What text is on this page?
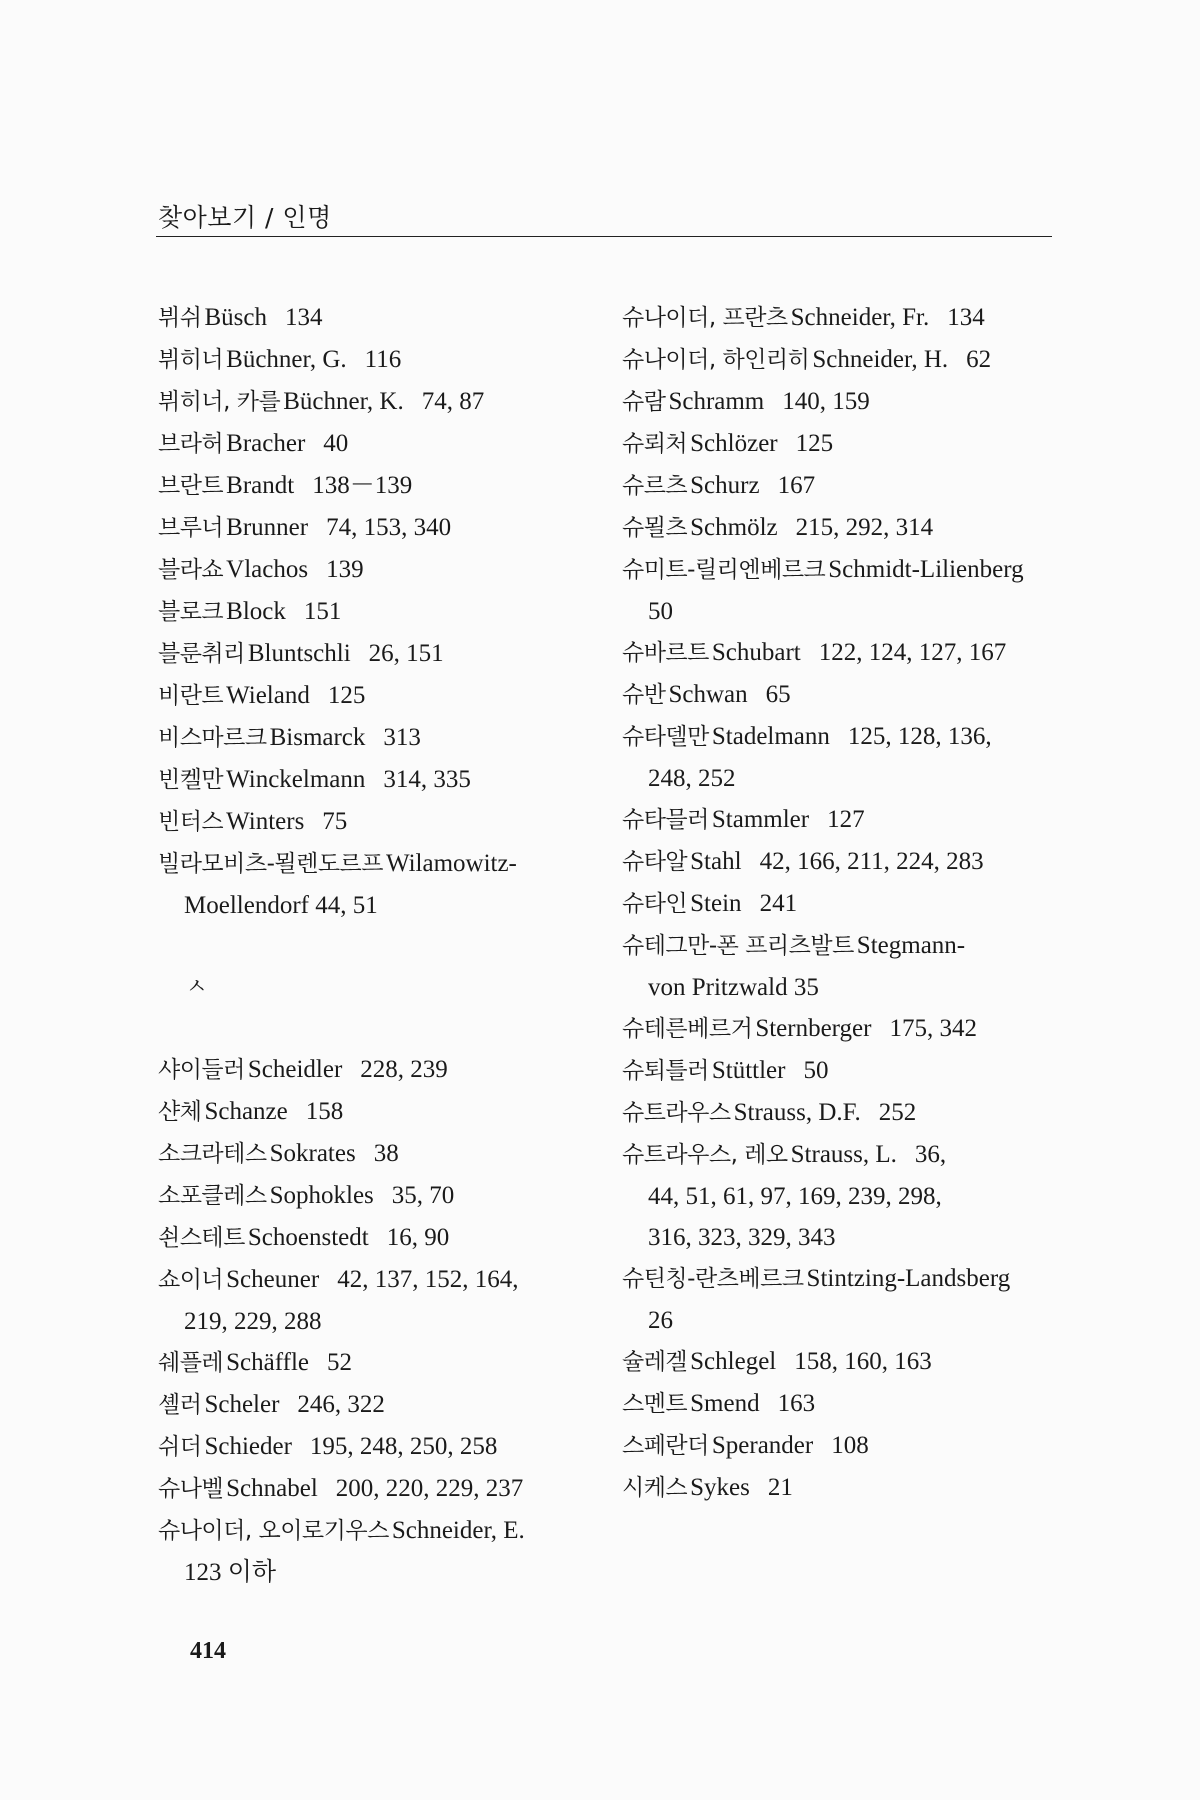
찾아보기 / 인명
뷔쉬 Büsch 134
뷔히너 Büchner, G. 116
뷔히너, 카를 Büchner, K. 74, 87
브라허 Bracher 40
브란트 Brandt 138－139
브루너 Brunner 74, 153, 340
블라쇼 Vlachos 139
블로크 Block 151
블룬취리 Bluntschli 26, 151
비란트 Wieland 125
비스마르크 Bismarck 313
빈켈만 Winckelmann 314, 335
빈터스 Winters 75
빌라모비츠-묄렌도르프 Wilamowitz-
Moellendorf 44, 51
ㅅ
샤이들러 Scheidler 228, 239
샨체 Schanze 158
소크라테스 Sokrates 38
소포클레스 Sophokles 35, 70
쇤스테트 Schoenstedt 16, 90
쇼이너 Scheuner 42, 137, 152, 164,
219, 229, 288
쉐플레 Schäffle 52
셸러 Scheler 246, 322
쉬더 Schieder 195, 248, 250, 258
슈나벨 Schnabel 200, 220, 229, 237
슈나이더, 오이로기우스 Schneider, E.
123 이하
슈나이더, 프란츠 Schneider, Fr. 134
슈나이더, 하인리히 Schneider, H. 62
슈람 Schramm 140, 159
슈뢰처 Schlözer 125
슈르츠 Schurz 167
슈묄츠 Schmölz 215, 292, 314
슈미트-릴리엔베르크 Schmidt-Lilienberg
50
슈바르트 Schubart 122, 124, 127, 167
슈반 Schwan 65
슈타델만 Stadelmann 125, 128, 136,
248, 252
슈타믈러 Stammler 127
슈타알 Stahl 42, 166, 211, 224, 283
슈타인 Stein 241
슈테그만-폰 프리츠발트 Stegmann-
von Pritzwald 35
슈테른베르거 Sternberger 175, 342
슈퇴틀러 Stüttler 50
슈트라우스 Strauss, D.F. 252
슈트라우스, 레오 Strauss, L. 36,
44, 51, 61, 97, 169, 239, 298,
316, 323, 329, 343
슈틴칭-란츠베르크 Stintzing-Landsberg
26
슐레겔 Schlegel 158, 160, 163
스멘트 Smend 163
스페란더 Sperander 108
시케스 Sykes 21
414
